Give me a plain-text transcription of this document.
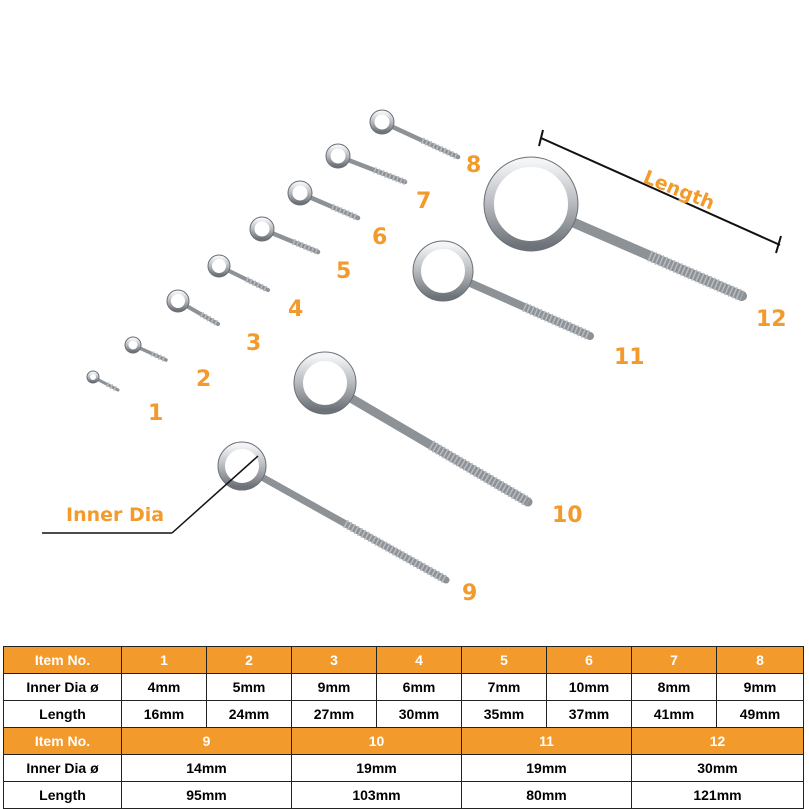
1
2
3
4
5
6
7
8
9
10
11
12
Length
Inner Dia
Item No.	1	2	3	4	5	6	7	8
Inner Dia ø	4mm	5mm	9mm	6mm	7mm	10mm	8mm	9mm
Length	16mm	24mm	27mm	30mm	35mm	37mm	41mm	49mm
Item No.	9		10		11		12	
Inner Dia ø	14mm		19mm		19mm		30mm	
Length	95mm		103mm		80mm		121mm	
